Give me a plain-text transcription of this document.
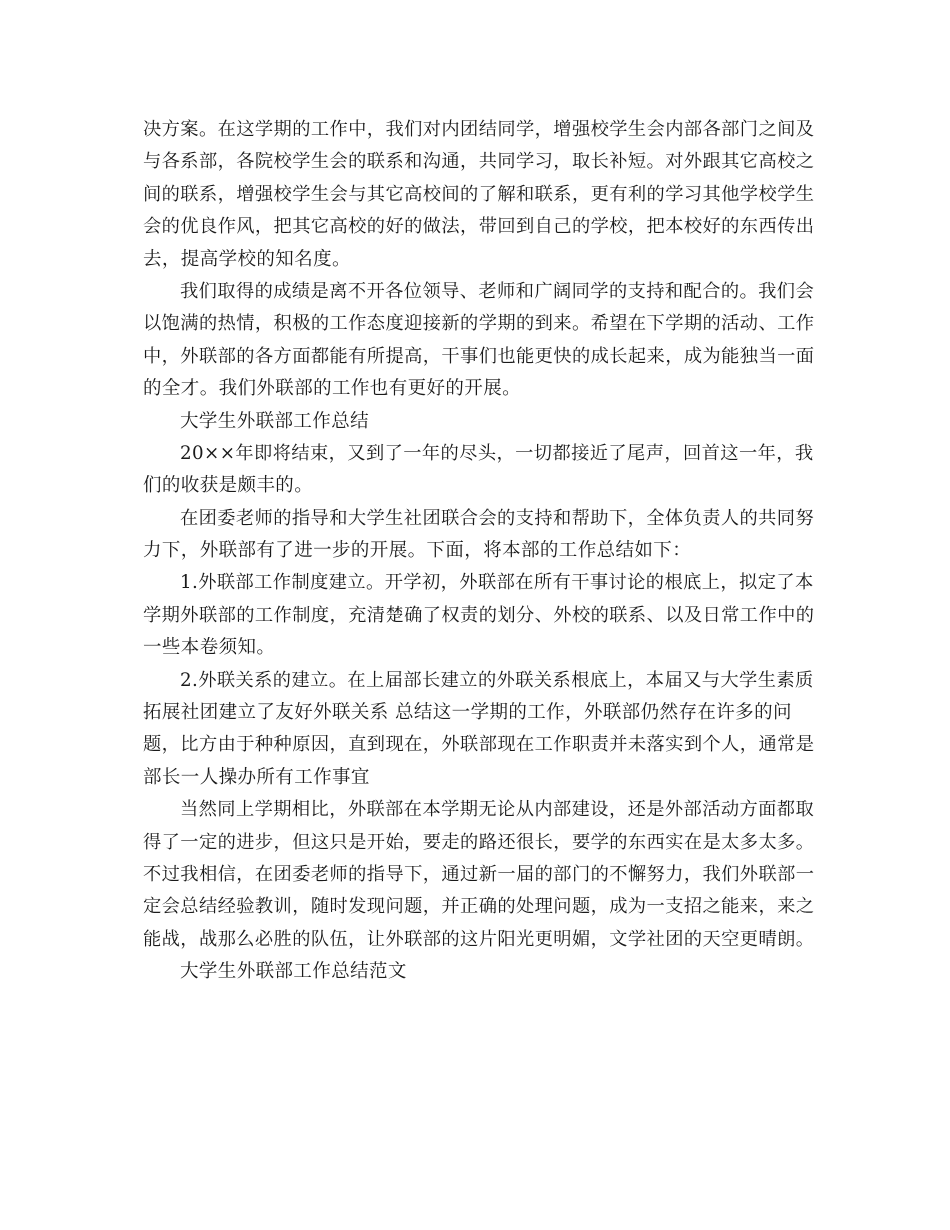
决方案。在这学期的工作中，我们对内团结同学，增强校学生会内部各部门之间及
与各系部，各院校学生会的联系和沟通，共同学习，取长补短。对外跟其它高校之
间的联系，增强校学生会与其它高校间的了解和联系，更有利的学习其他学校学生
会的优良作风，把其它高校的好的做法，带回到自己的学校，把本校好的东西传出
去，提高学校的知名度。
我们取得的成绩是离不开各位领导、老师和广阔同学的支持和配合的。我们会
以饱满的热情，积极的工作态度迎接新的学期的到来。希望在下学期的活动、工作
中，外联部的各方面都能有所提高，干事们也能更快的成长起来，成为能独当一面
的全才。我们外联部的工作也有更好的开展。
大学生外联部工作总结
20××年即将结束，又到了一年的尽头，一切都接近了尾声，回首这一年，我
们的收获是颇丰的。
在团委老师的指导和大学生社团联合会的支持和帮助下，全体负责人的共同努
力下，外联部有了进一步的开展。下面，将本部的工作总结如下：
1.外联部工作制度建立。开学初，外联部在所有干事讨论的根底上，拟定了本
学期外联部的工作制度，充清楚确了权责的划分、外校的联系、以及日常工作中的
一些本卷须知。
2.外联关系的建立。在上届部长建立的外联关系根底上，本届又与大学生素质
拓展社团建立了友好外联关系 总结这一学期的工作，外联部仍然存在许多的问
题，比方由于种种原因，直到现在，外联部现在工作职责并未落实到个人，通常是
部长一人操办所有工作事宜
当然同上学期相比，外联部在本学期无论从内部建设，还是外部活动方面都取
得了一定的进步，但这只是开始，要走的路还很长，要学的东西实在是太多太多。
不过我相信，在团委老师的指导下，通过新一届的部门的不懈努力，我们外联部一
定会总结经验教训，随时发现问题，并正确的处理问题，成为一支招之能来，来之
能战，战那么必胜的队伍，让外联部的这片阳光更明媚，文学社团的天空更晴朗。
大学生外联部工作总结范文
